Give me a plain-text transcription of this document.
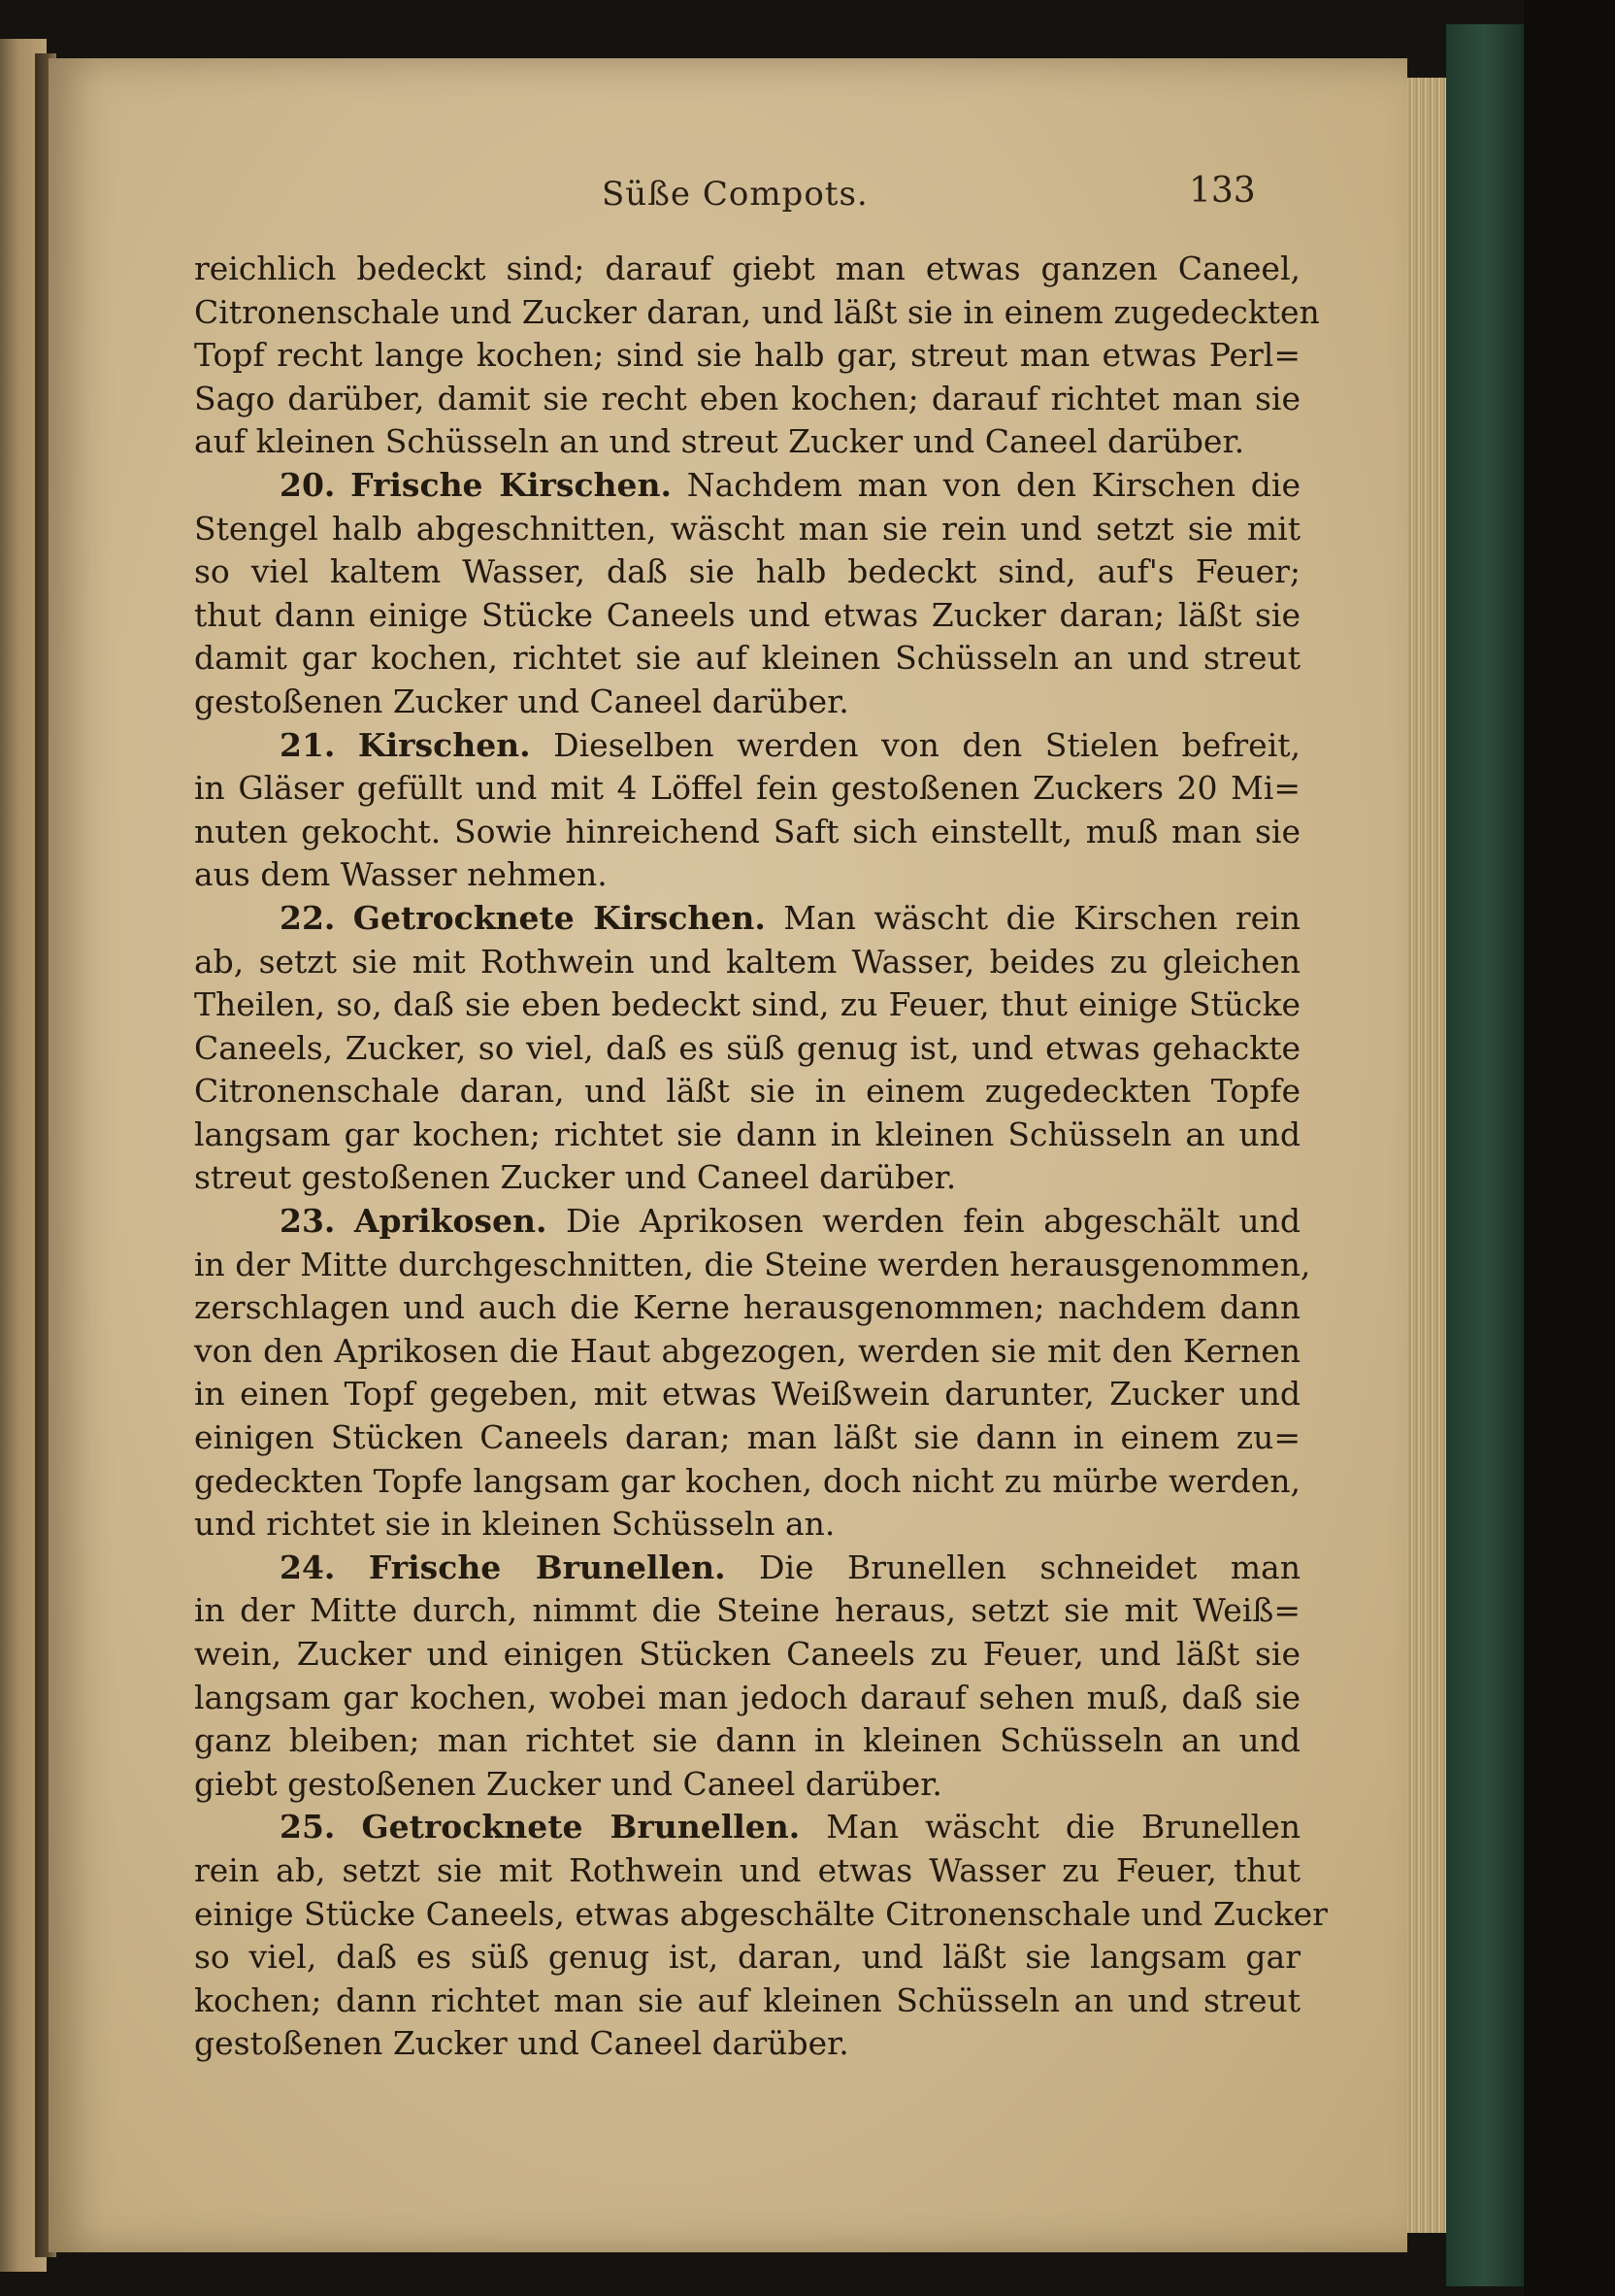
Süße Compots.	133
reichlich bedeckt sind; darauf giebt man etwas ganzen Caneel,
Citronenschale und Zucker daran, und läßt sie in einem zugedeckten
Topf recht lange kochen; sind sie halb gar, streut man etwas Perl=
Sago darüber, damit sie recht eben kochen; darauf richtet man sie
auf kleinen Schüsseln an und streut Zucker und Caneel darüber.
20. Frische Kirschen. Nachdem man von den Kirschen die
Stengel halb abgeschnitten, wäscht man sie rein und setzt sie mit
so viel kaltem Wasser, daß sie halb bedeckt sind, auf's Feuer;
thut dann einige Stücke Caneels und etwas Zucker daran; läßt sie
damit gar kochen, richtet sie auf kleinen Schüsseln an und streut
gestoßenen Zucker und Caneel darüber.
21. Kirschen. Dieselben werden von den Stielen befreit,
in Gläser gefüllt und mit 4 Löffel fein gestoßenen Zuckers 20 Mi=
nuten gekocht. Sowie hinreichend Saft sich einstellt, muß man sie
aus dem Wasser nehmen.
22. Getrocknete Kirschen. Man wäscht die Kirschen rein
ab, setzt sie mit Rothwein und kaltem Wasser, beides zu gleichen
Theilen, so, daß sie eben bedeckt sind, zu Feuer, thut einige Stücke
Caneels, Zucker, so viel, daß es süß genug ist, und etwas gehackte
Citronenschale daran, und läßt sie in einem zugedeckten Topfe
langsam gar kochen; richtet sie dann in kleinen Schüsseln an und
streut gestoßenen Zucker und Caneel darüber.
23. Aprikosen. Die Aprikosen werden fein abgeschält und
in der Mitte durchgeschnitten, die Steine werden herausgenommen,
zerschlagen und auch die Kerne herausgenommen; nachdem dann
von den Aprikosen die Haut abgezogen, werden sie mit den Kernen
in einen Topf gegeben, mit etwas Weißwein darunter, Zucker und
einigen Stücken Caneels daran; man läßt sie dann in einem zu=
gedeckten Topfe langsam gar kochen, doch nicht zu mürbe werden,
und richtet sie in kleinen Schüsseln an.
24. Frische Brunellen. Die Brunellen schneidet man
in der Mitte durch, nimmt die Steine heraus, setzt sie mit Weiß=
wein, Zucker und einigen Stücken Caneels zu Feuer, und läßt sie
langsam gar kochen, wobei man jedoch darauf sehen muß, daß sie
ganz bleiben; man richtet sie dann in kleinen Schüsseln an und
giebt gestoßenen Zucker und Caneel darüber.
25. Getrocknete Brunellen. Man wäscht die Brunellen
rein ab, setzt sie mit Rothwein und etwas Wasser zu Feuer, thut
einige Stücke Caneels, etwas abgeschälte Citronenschale und Zucker
so viel, daß es süß genug ist, daran, und läßt sie langsam gar
kochen; dann richtet man sie auf kleinen Schüsseln an und streut
gestoßenen Zucker und Caneel darüber.
